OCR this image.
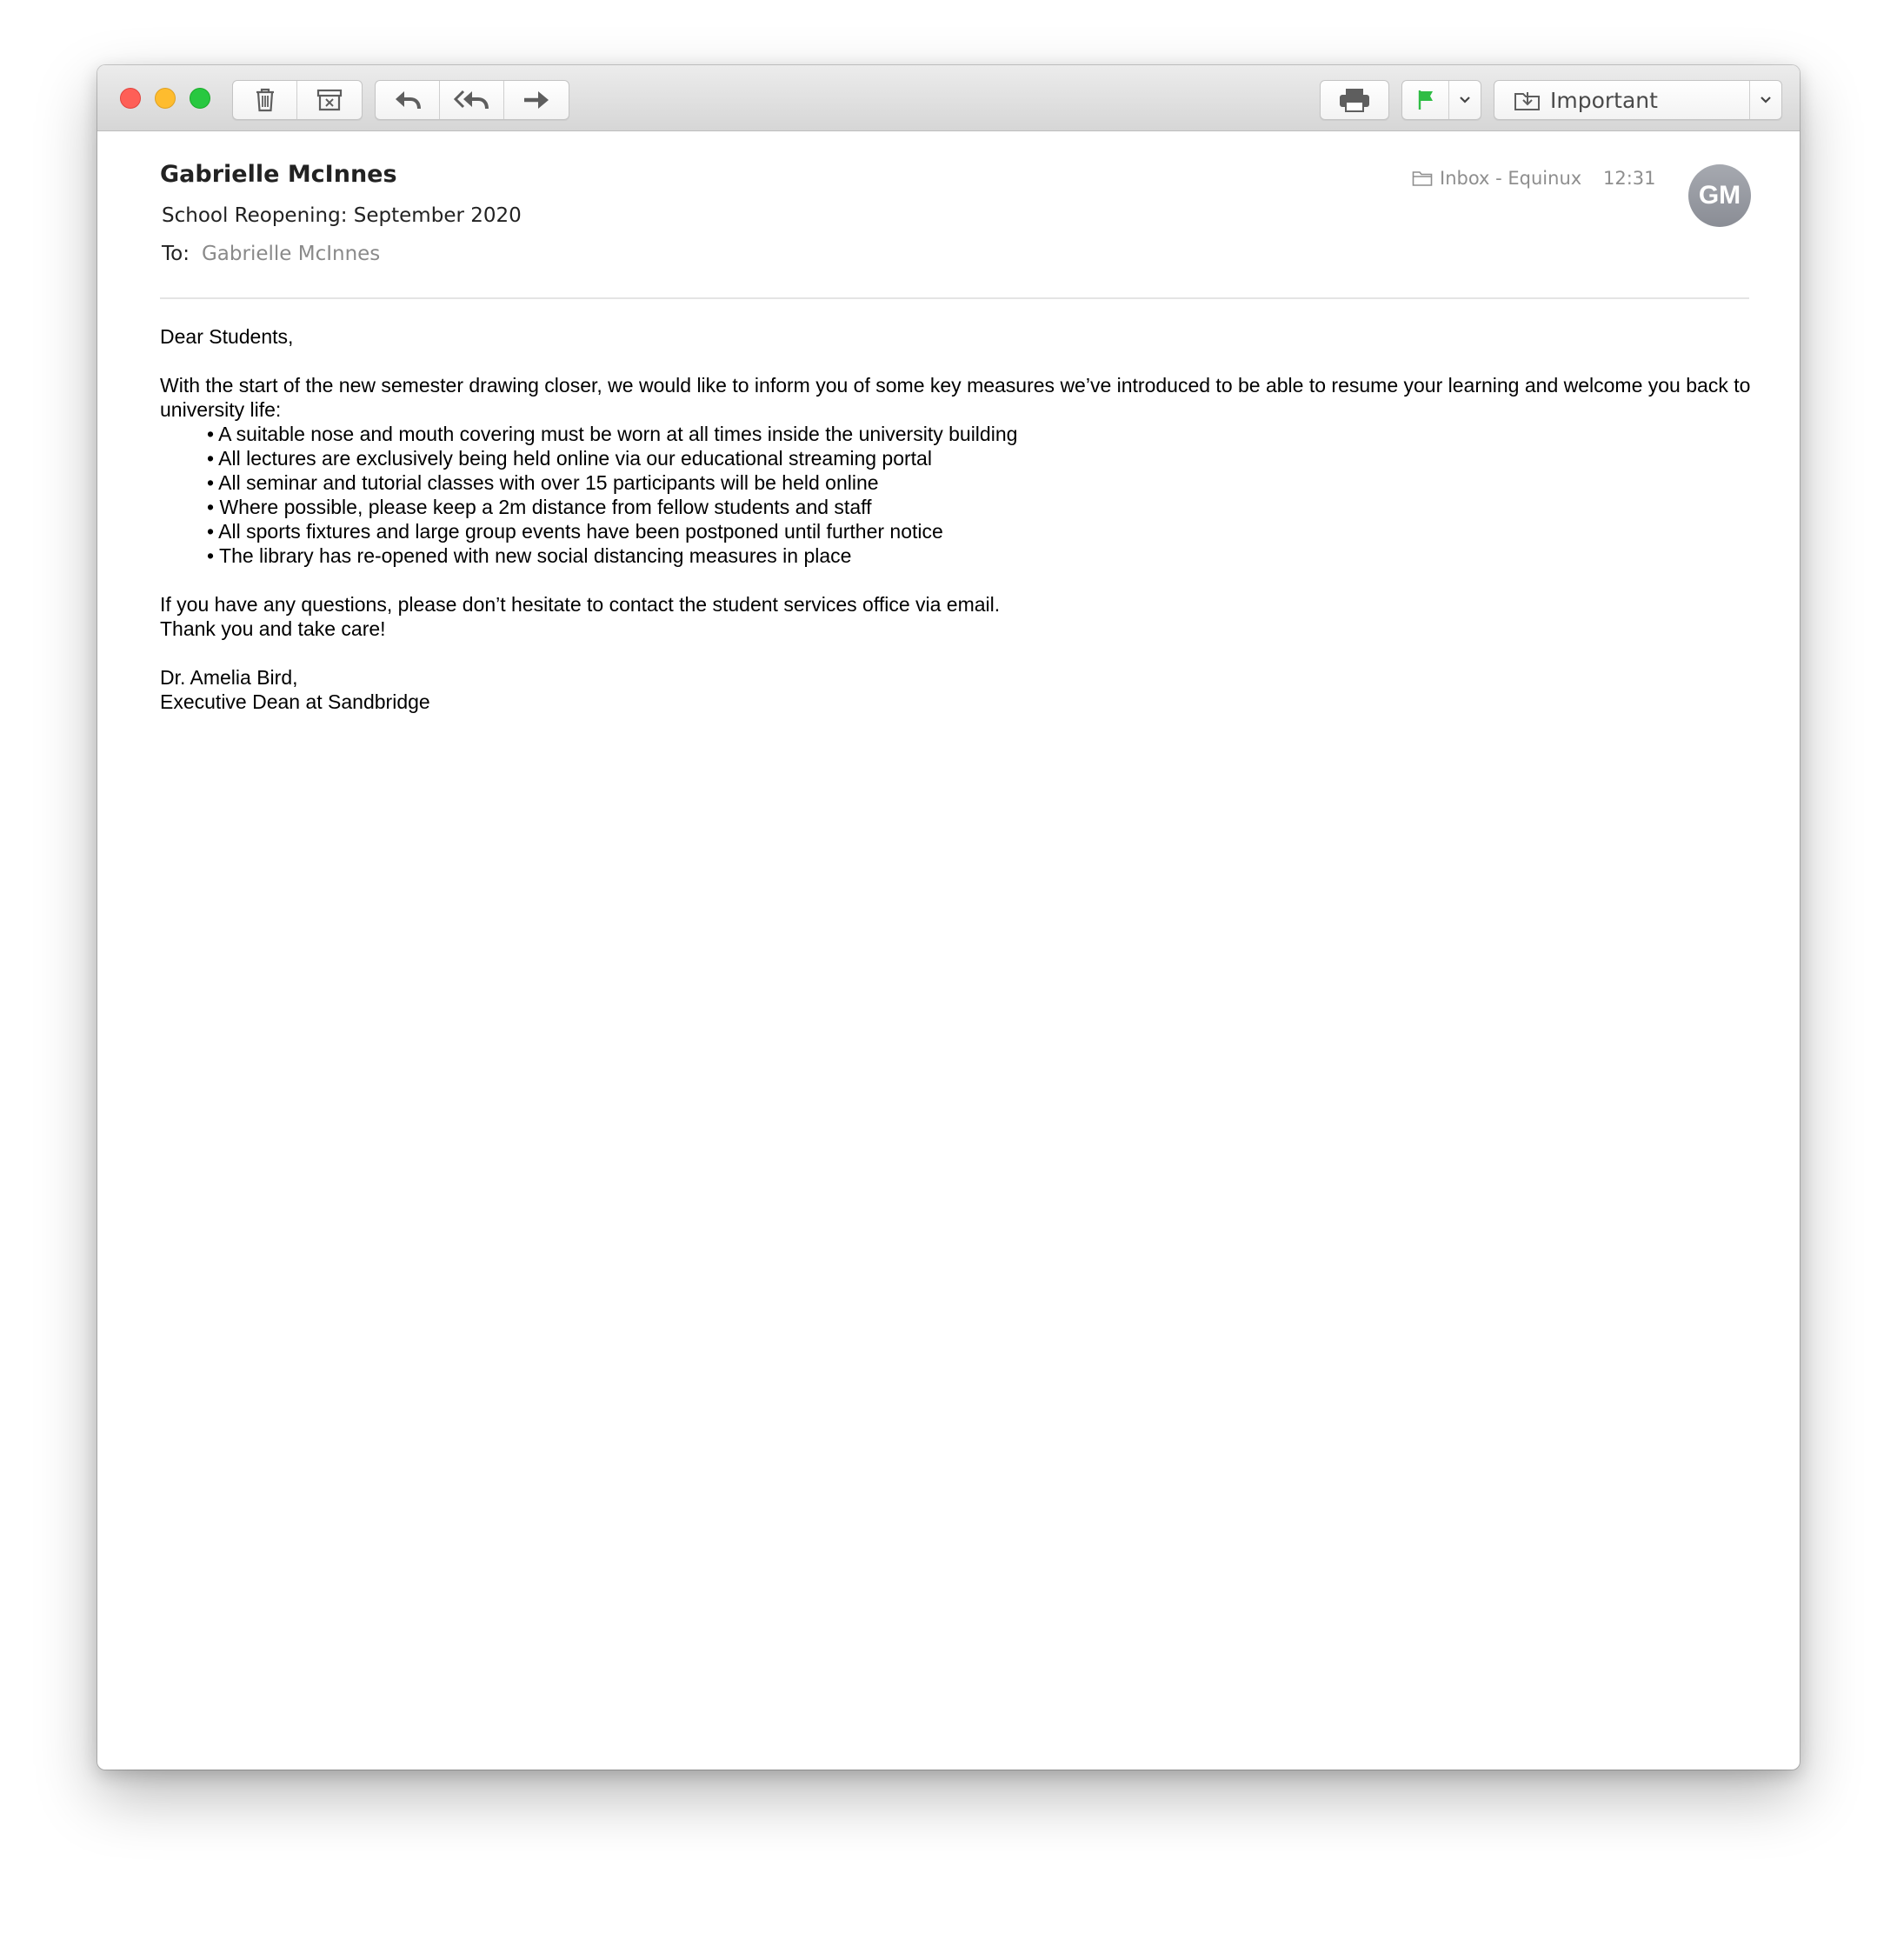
Important
Gabrielle McInnes
School Reopening: September 2020
To: Gabrielle McInnes
Inbox - Equinux 12:31
GM

Dear Students,

With the start of the new semester drawing closer, we would like to inform you of some key measures we’ve introduced to be able to resume your learning and welcome you back to university life:

• A suitable nose and mouth covering must be worn at all times inside the university building
• All lectures are exclusively being held online via our educational streaming portal
• All seminar and tutorial classes with over 15 participants will be held online
• Where possible, please keep a 2m distance from fellow students and staff
• All sports fixtures and large group events have been postponed until further notice
• The library has re-opened with new social distancing measures in place

If you have any questions, please don’t hesitate to contact the student services office via email.

Thank you and take care!

Dr. Amelia Bird,

Executive Dean at Sandbridge
